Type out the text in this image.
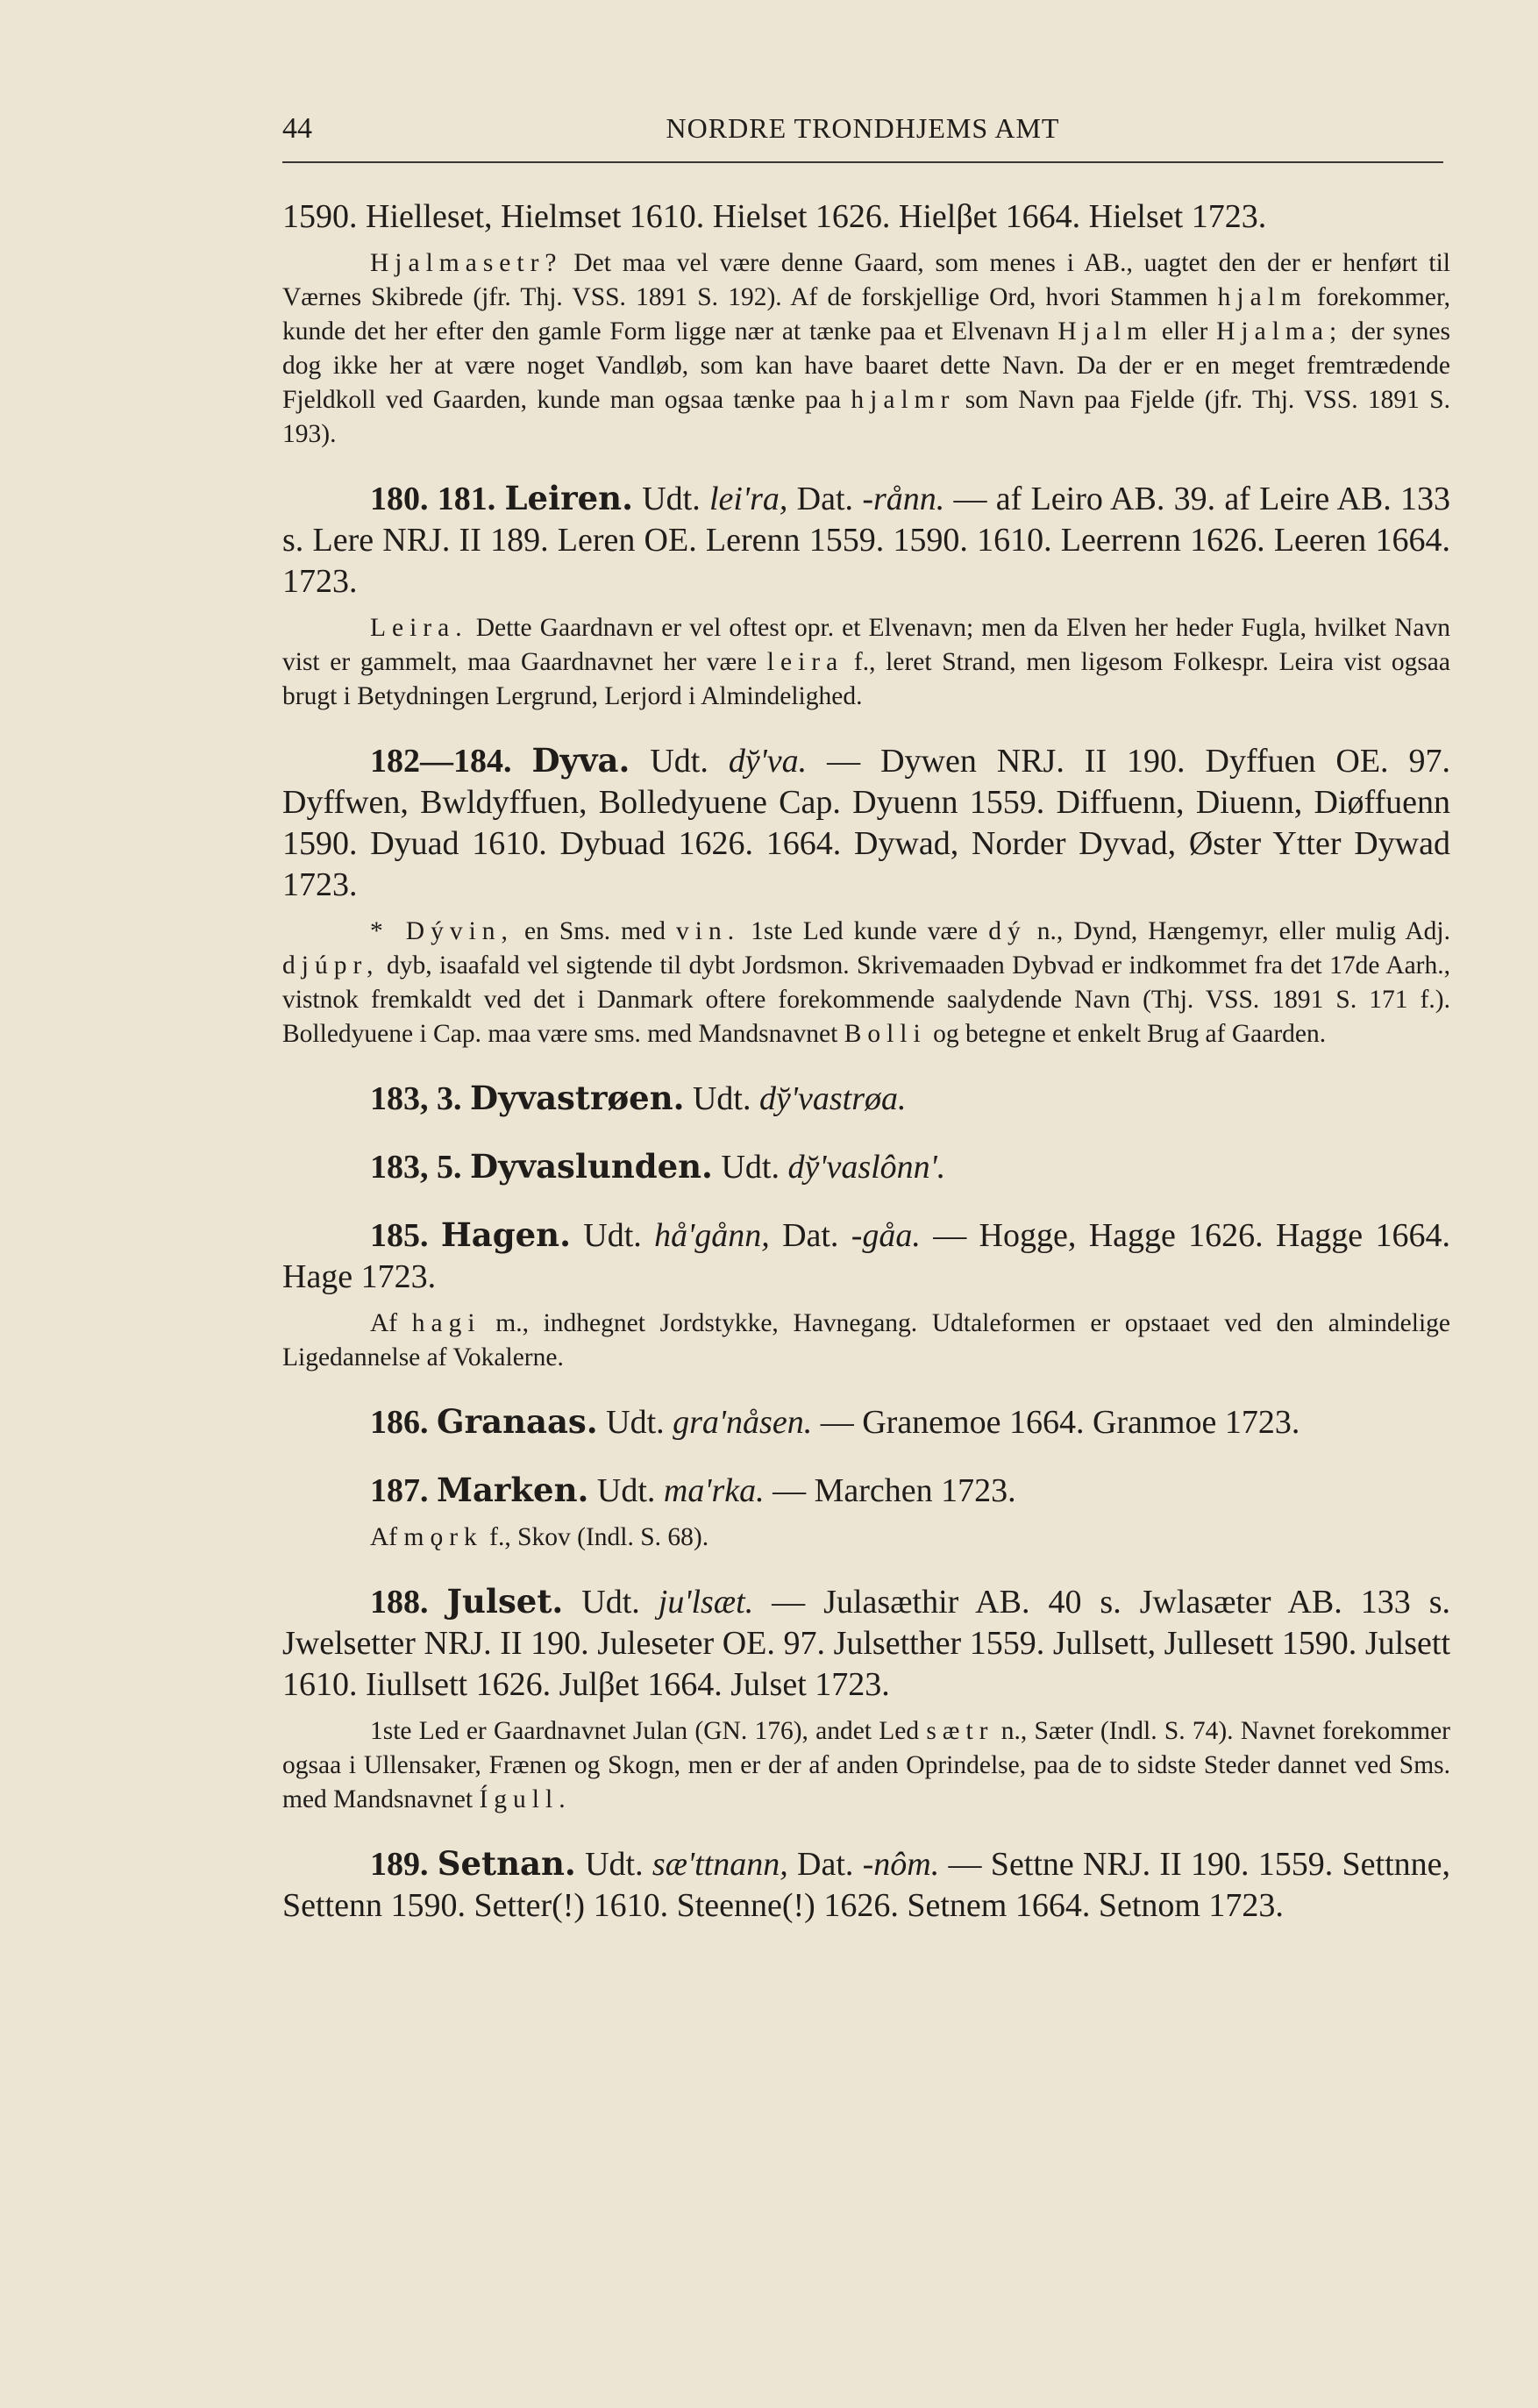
44	NORDRE TRONDHJEMS AMT

1590. Hielleset, Hielmset 1610. Hielset 1626. Hielβet 1664. Hielset 1723.

Hjalmasetr? Det maa vel være denne Gaard, som menes i AB., uagtet den der er henført til Værnes Skibrede (jfr. Thj. VSS. 1891 S. 192). Af de forskjellige Ord, hvori Stammen hjalm forekommer, kunde det her efter den gamle Form ligge nær at tænke paa et Elvenavn Hjalm eller Hjalma; der synes dog ikke her at være noget Vandløb, som kan have baaret dette Navn. Da der er en meget fremtrædende Fjeldkoll ved Gaarden, kunde man ogsaa tænke paa hjalmr som Navn paa Fjelde (jfr. Thj. VSS. 1891 S. 193).

180. 181. Leiren. Udt. lei'ra, Dat. -rånn. — af Leiro AB. 39. af Leire AB. 133 s. Lere NRJ. II 189. Leren OE. Lerenn 1559. 1590. 1610. Leerrenn 1626. Leeren 1664. 1723.

Leira. Dette Gaardnavn er vel oftest opr. et Elvenavn; men da Elven her heder Fugla, hvilket Navn vist er gammelt, maa Gaardnavnet her være leira f., leret Strand, men ligesom Folkespr. Leira vist ogsaa brugt i Betydningen Lergrund, Lerjord i Almindelighed.

182—184. Dyva. Udt. dy̆'va. — Dywen NRJ. II 190. Dyffuen OE. 97. Dyffwen, Bwldyffuen, Bolledyuene Cap. Dyuenn 1559. Diffuenn, Diuenn, Diøffuenn 1590. Dyuad 1610. Dybuad 1626. 1664. Dywad, Norder Dyvad, Øster Ytter Dywad 1723.

* Dývin, en Sms. med vin. 1ste Led kunde være dý n., Dynd, Hængemyr, eller mulig Adj. djúpr, dyb, isaafald vel sigtende til dybt Jordsmon. Skrivemaaden Dybvad er indkommet fra det 17de Aarh., vistnok fremkaldt ved det i Danmark oftere forekommende saalydende Navn (Thj. VSS. 1891 S. 171 f.). Bolledyuene i Cap. maa være sms. med Mandsnavnet Bolli og betegne et enkelt Brug af Gaarden.

183, 3. Dyvastrøen. Udt. dy̆'vastrøa.

183, 5. Dyvaslunden. Udt. dy̆'vaslônn'.

185. Hagen. Udt. hå'gånn, Dat. -gåa. — Hogge, Hagge 1626. Hagge 1664. Hage 1723.

Af hagi m., indhegnet Jordstykke, Havnegang. Udtaleformen er opstaaet ved den almindelige Ligedannelse af Vokalerne.

186. Granaas. Udt. gra'nåsen. — Granemoe 1664. Granmoe 1723.

187. Marken. Udt. ma'rka. — Marchen 1723.

Af mǫrk f., Skov (Indl. S. 68).

188. Julset. Udt. ju'lsæt. — Julasæthir AB. 40 s. Jwlasæter AB. 133 s. Jwelsetter NRJ. II 190. Juleseter OE. 97. Julsetther 1559. Jullsett, Jullesett 1590. Julsett 1610. Iiullsett 1626. Julβet 1664. Julset 1723.

1ste Led er Gaardnavnet Julan (GN. 176), andet Led sætr n., Sæter (Indl. S. 74). Navnet forekommer ogsaa i Ullensaker, Frænen og Skogn, men er der af anden Oprindelse, paa de to sidste Steder dannet ved Sms. med Mandsnavnet Ígull.

189. Setnan. Udt. sæ'ttnann, Dat. -nôm. — Settne NRJ. II 190. 1559. Settnne, Settenn 1590. Setter(!) 1610. Steenne(!) 1626. Setnem 1664. Setnom 1723.
